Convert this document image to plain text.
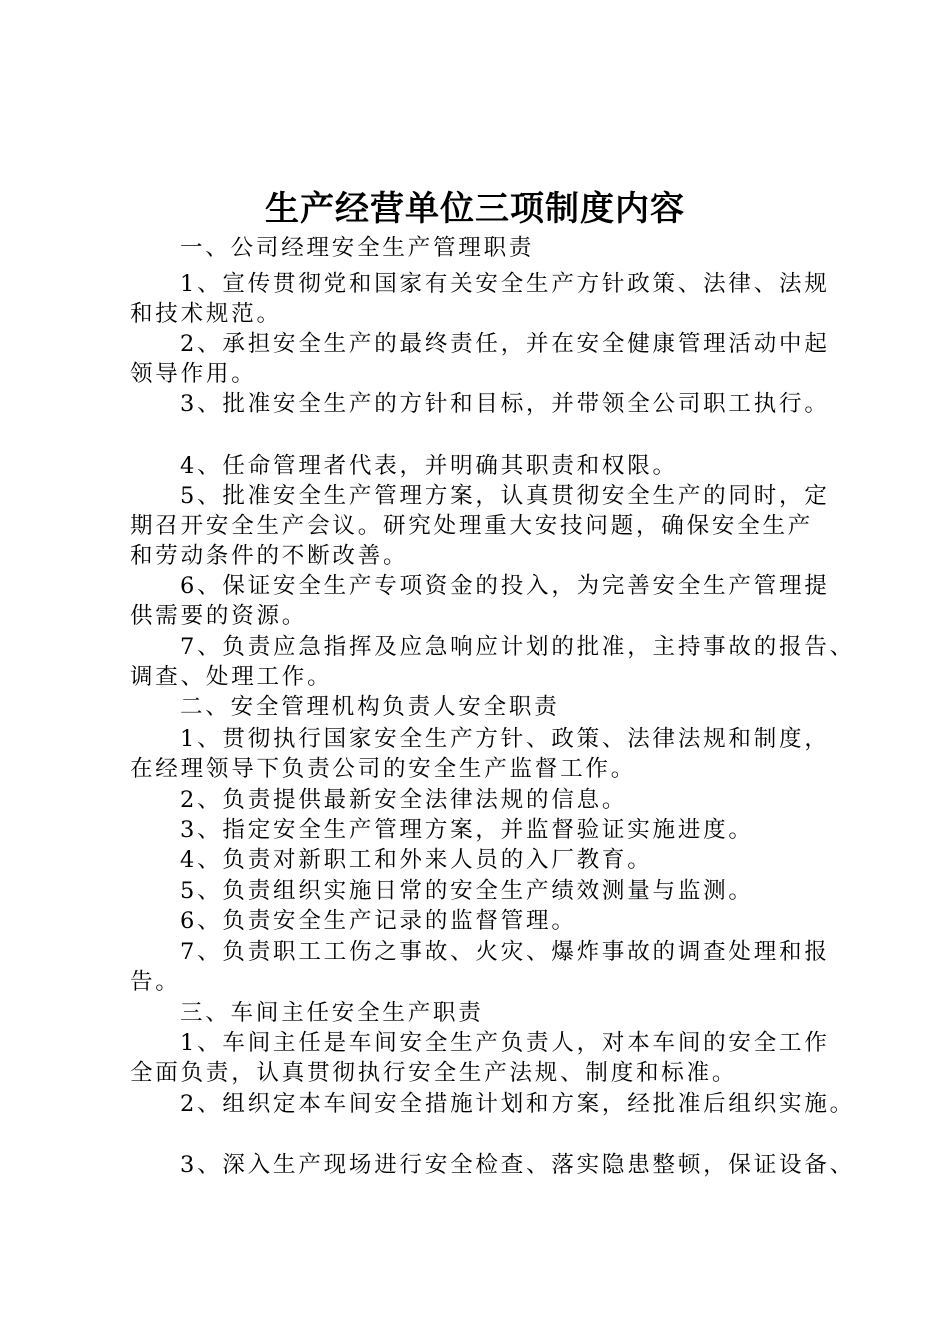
生产经营单位三项制度内容

一、公司经理安全生产管理职责

1、宣传贯彻党和国家有关安全生产方针政策、法律、法规

和技术规范。

2、承担安全生产的最终责任，并在安全健康管理活动中起

领导作用。

3、批准安全生产的方针和目标，并带领全公司职工执行。

4、任命管理者代表，并明确其职责和权限。

5、批准安全生产管理方案，认真贯彻安全生产的同时，定

期召开安全生产会议。研究处理重大安技问题，确保安全生产

和劳动条件的不断改善。

6、保证安全生产专项资金的投入，为完善安全生产管理提

供需要的资源。

7、负责应急指挥及应急响应计划的批准，主持事故的报告、

调查、处理工作。

二、安全管理机构负责人安全职责

1、贯彻执行国家安全生产方针、政策、法律法规和制度，

在经理领导下负责公司的安全生产监督工作。

2、负责提供最新安全法律法规的信息。

3、指定安全生产管理方案，并监督验证实施进度。

4、负责对新职工和外来人员的入厂教育。

5、负责组织实施日常的安全生产绩效测量与监测。

6、负责安全生产记录的监督管理。

7、负责职工工伤之事故、火灾、爆炸事故的调查处理和报

告。

三、车间主任安全生产职责

1、车间主任是车间安全生产负责人，对本车间的安全工作

全面负责，认真贯彻执行安全生产法规、制度和标准。

2、组织定本车间安全措施计划和方案，经批准后组织实施。

3、深入生产现场进行安全检查、落实隐患整顿，保证设备、
